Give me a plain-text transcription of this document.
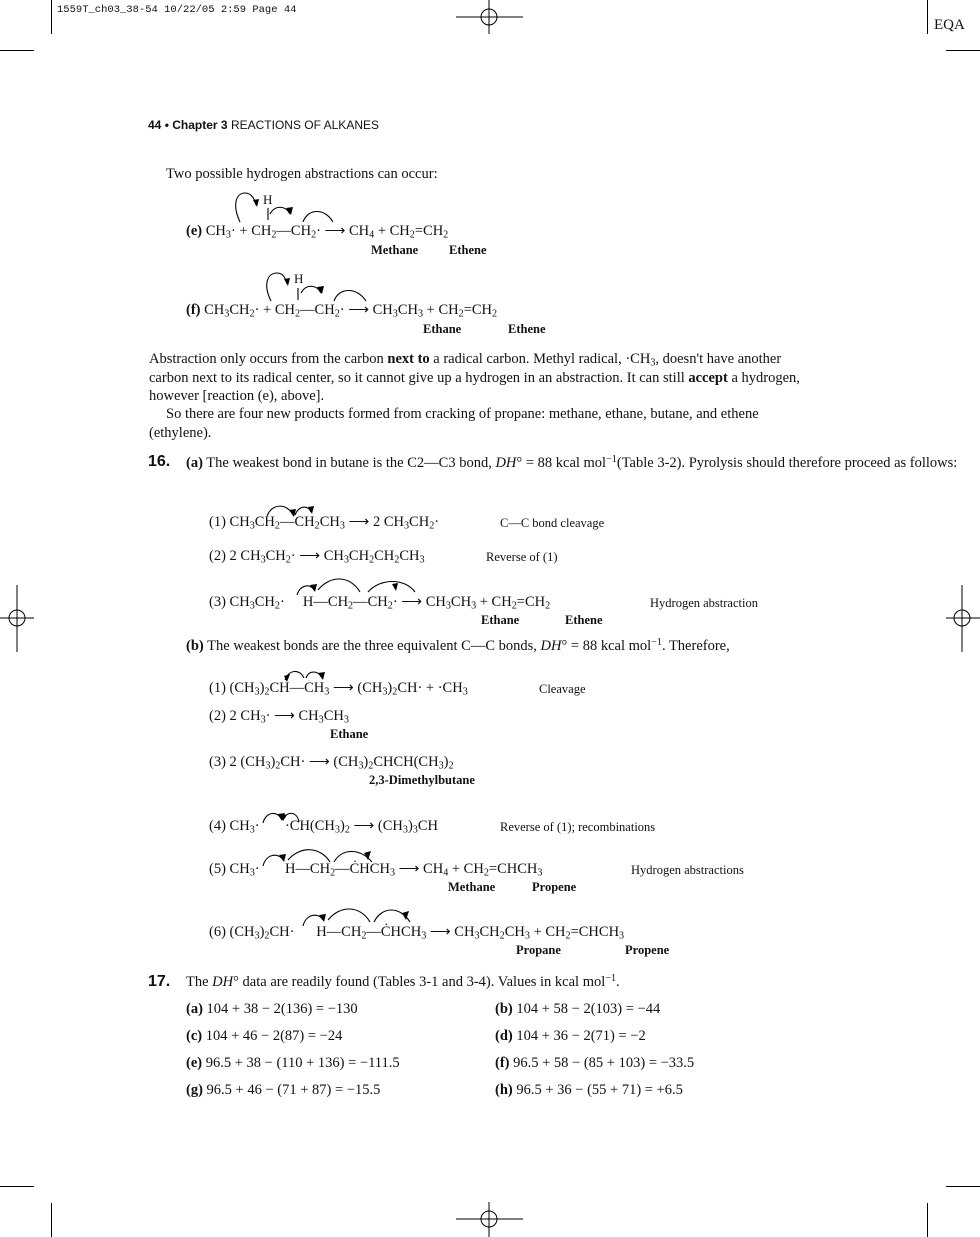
1559T_ch03_38-54 10/22/05 2:59 Page 44
EQA
44 • Chapter 3 REACTIONS OF ALKANES
Two possible hydrogen abstractions can occur:
H
(e) $CH_3\cdot$ + $CH_2—CH_2\cdot$ ⟶ $CH_4 + CH_2=CH_2$
Methane Ethene
H
(f) $CH_3CH_2\cdot$ + $CH_2—CH_2\cdot$ ⟶ $CH_3CH_3 + CH_2=CH_2$
Ethane	Ethene
Abstraction only occurs from the carbon next to a radical carbon. Methyl radical, $\cdot CH_3$, doesn't have another carbon next to its radical center, so it cannot give up a hydrogen in an abstraction. It can still accept a hydrogen, however [reaction (e), above].
So there are four new products formed from cracking of propane: methane, ethane, butane, and ethene (ethylene).
16. (a) The weakest bond in butane is the C2—C3 bond, DH° = 88 kcal mol$^{-1}$(Table 3-2). Pyrolysis should therefore proceed as follows:
(1) $CH_3CH_2—CH_2CH_3$ ⟶ 2 $CH_3CH_2\cdot$	C—C bond cleavage
(2) 2 $CH_3CH_2\cdot$ ⟶ $CH_3CH_2CH_2CH_3$	Reverse of (1)
(3) $CH_3CH_2\cdot$     $H—CH_2—CH_2\cdot$ ⟶ $CH_3CH_3 + CH_2=CH_2$	Hydrogen abstraction
Ethane	Ethene
(b) The weakest bonds are the three equivalent C—C bonds, DH° = 88 kcal mol$^{-1}$. Therefore,
(1) $(CH_3)_2CH—CH_3$ ⟶ $(CH_3)_2CH\cdot + \cdot CH_3$	Cleavage
(2) 2 $CH_3\cdot$ ⟶ $CH_3CH_3$
Ethane
(3) 2 $(CH_3)_2CH\cdot$ ⟶ $(CH_3)_2CHCH(CH_3)_2$
2,3-Dimethylbutane
(4) $CH_3\cdot$       $\cdot CH(CH_3)_2$ ⟶ $(CH_3)_3CH$	Reverse of (1); recombinations
(5) $CH_3\cdot$       $H—CH_2—ĊHCH_3$ ⟶ $CH_4$ + $CH_2=CHCH_3$	Hydrogen abstractions
Methane	Propene
(6) $(CH_3)_2CH\cdot$      $H—CH_2—ĊHCH_3$ ⟶ $CH_3CH_2CH_3$ + $CH_2=CHCH_3$
Propane	Propene
17. The DH° data are readily found (Tables 3-1 and 3-4). Values in kcal mol$^{-1}$.
(a) 104 + 38 − 2(136) = −130	(b) 104 + 58 − 2(103) = −44
(c) 104 + 46 − 2(87) = −24	(d) 104 + 36 − 2(71) = −2
(e) 96.5 + 38 − (110 + 136) = −111.5	(f) 96.5 + 58 − (85 + 103) = −33.5
(g) 96.5 + 46 − (71 + 87) = −15.5	(h) 96.5 + 36 − (55 + 71) = +6.5
